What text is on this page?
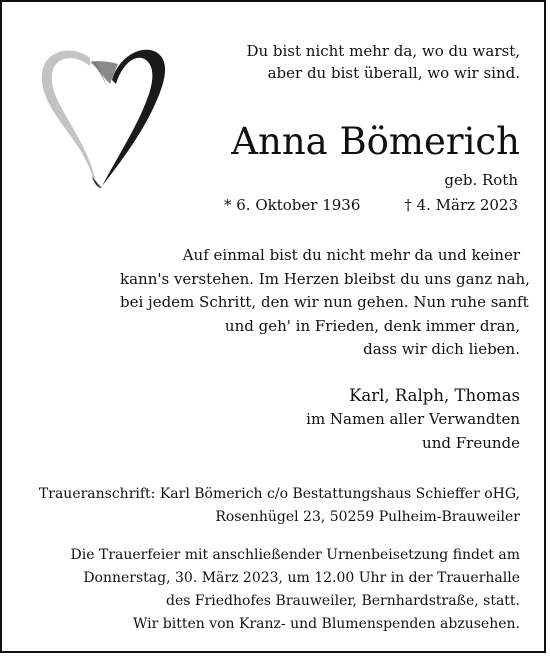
Du bist nicht mehr da, wo du warst,
aber du bist überall, wo wir sind.
Anna Bömerich
geb. Roth
* 6. Oktober 1936	† 4. März 2023
Auf einmal bist du nicht mehr da und keiner
kann's verstehen. Im Herzen bleibst du uns ganz nah,
bei jedem Schritt, den wir nun gehen. Nun ruhe sanft
und geh' in Frieden, denk immer dran,
dass wir dich lieben.
Karl, Ralph, Thomas
im Namen aller Verwandten
und Freunde
Traueranschrift: Karl Bömerich c/o Bestattungshaus Schieffer oHG,
Rosenhügel 23, 50259 Pulheim-Brauweiler
Die Trauerfeier mit anschließender Urnenbeisetzung findet am
Donnerstag, 30. März 2023, um 12.00 Uhr in der Trauerhalle
des Friedhofes Brauweiler, Bernhardstraße, statt.
Wir bitten von Kranz- und Blumenspenden abzusehen.
